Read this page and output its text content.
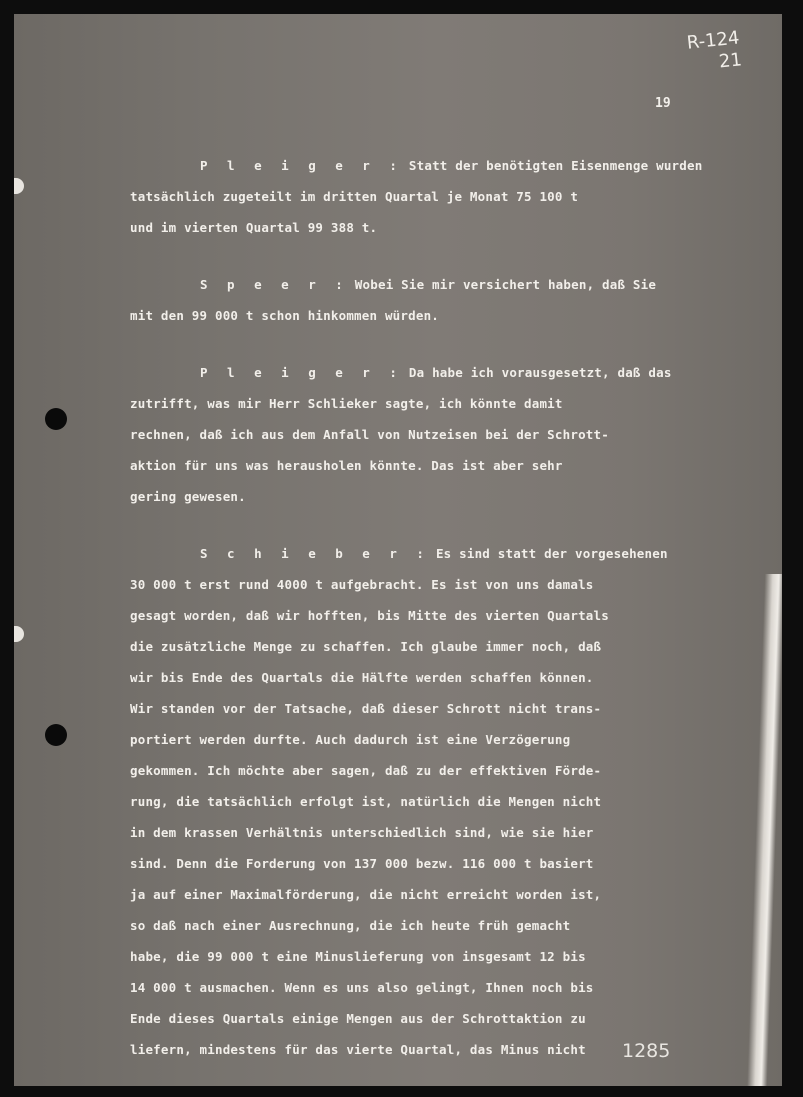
R-124
21
19
P l e i g e r : Statt der benötigten Eisenmenge wurden
tatsächlich zugeteilt im dritten Quartal je Monat 75 100 t
und im vierten Quartal 99 388 t.
S p e e r : Wobei Sie mir versichert haben, daß Sie
mit den 99 000 t schon hinkommen würden.
P l e i g e r : Da habe ich vorausgesetzt, daß das
zutrifft, was mir Herr Schlieker sagte, ich könnte damit
rechnen, daß ich aus dem Anfall von Nutzeisen bei der Schrott-
aktion für uns was herausholen könnte. Das ist aber sehr
gering gewesen.
S c h i e b e r : Es sind statt der vorgesehenen
30 000 t erst rund 4000 t aufgebracht. Es ist von uns damals
gesagt worden, daß wir hofften, bis Mitte des vierten Quartals
die zusätzliche Menge zu schaffen. Ich glaube immer noch, daß
wir bis Ende des Quartals die Hälfte werden schaffen können.
Wir standen vor der Tatsache, daß dieser Schrott nicht trans-
portiert werden durfte. Auch dadurch ist eine Verzögerung
gekommen. Ich möchte aber sagen, daß zu der effektiven Förde-
rung, die tatsächlich erfolgt ist, natürlich die Mengen nicht
in dem krassen Verhältnis unterschiedlich sind, wie sie hier
sind. Denn die Forderung von 137 000 bezw. 116 000 t basiert
ja auf einer Maximalförderung, die nicht erreicht worden ist,
so daß nach einer Ausrechnung, die ich heute früh gemacht
habe, die 99 000 t eine Minuslieferung von insgesamt 12 bis
14 000 t ausmachen. Wenn es uns also gelingt, Ihnen noch bis
Ende dieses Quartals einige Mengen aus der Schrottaktion zu
liefern, mindestens für das vierte Quartal, das Minus nicht	1285
